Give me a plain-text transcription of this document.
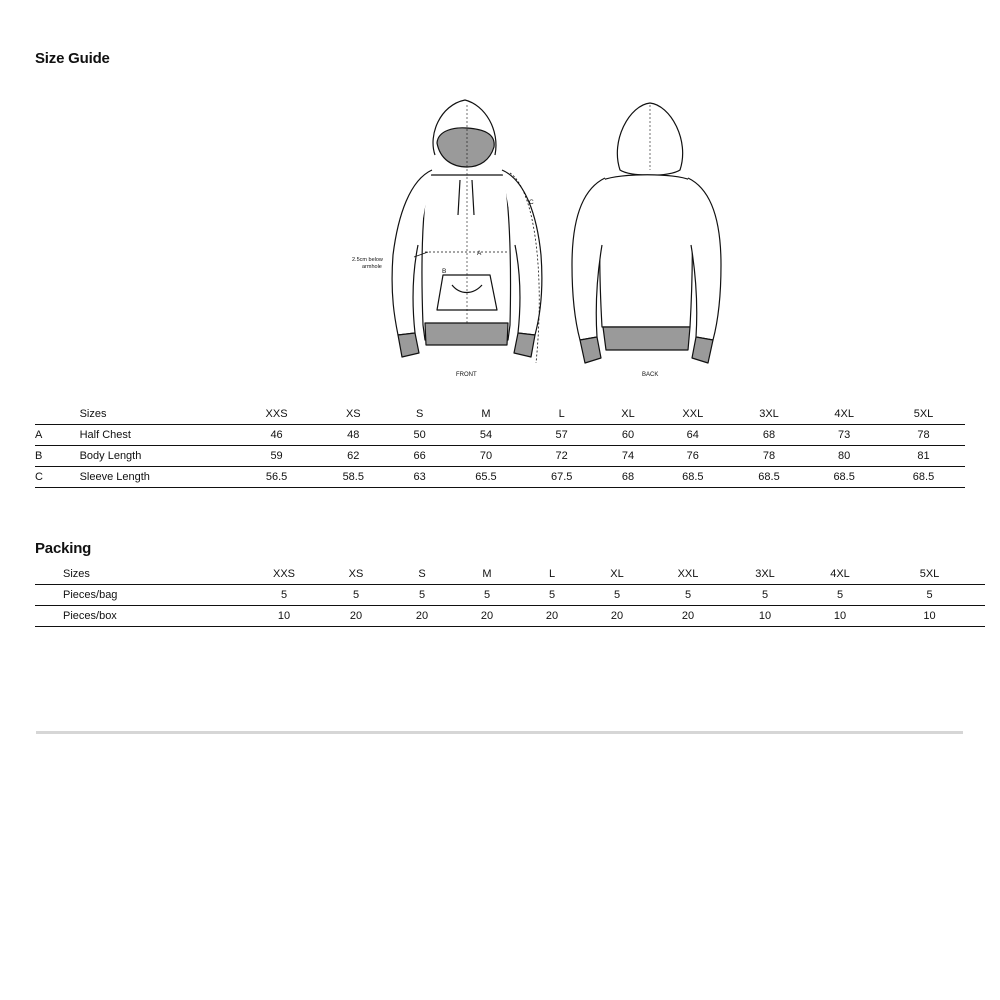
Size Guide
A
B
C
2.5cm below
armhole
FRONT	BACK
	Sizes	XXS	XS	S	M	L	XL	XXL	3XL	4XL	5XL
A	Half Chest	46	48	50	54	57	60	64	68	73	78
B	Body Length	59	62	66	70	72	74	76	78	80	81
C	Sleeve Length	56.5	58.5	63	65.5	67.5	68	68.5	68.5	68.5	68.5
Packing
	Sizes	XXS	XS	S	M	L	XL	XXL	3XL	4XL	5XL
	Pieces/bag	5	5	5	5	5	5	5	5	5	5
	Pieces/box	10	20	20	20	20	20	20	10	10	10
